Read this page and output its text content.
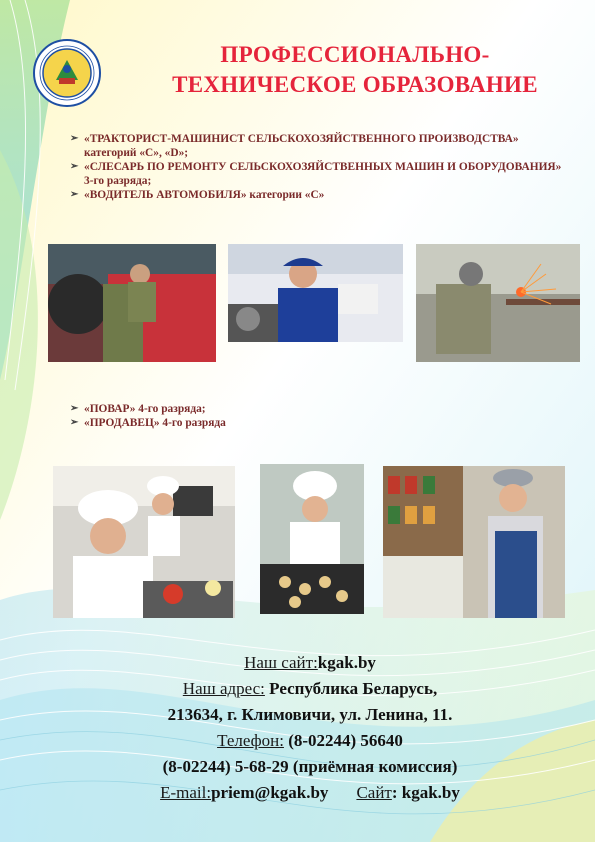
ПРОФЕССИОНАЛЬНО-
ТЕХНИЧЕСКОЕ ОБРАЗОВАНИЕ
➢ «ТРАКТОРИСТ-МАШИНИСТ СЕЛЬСКОХОЗЯЙСТВЕННОГО ПРОИЗВОДСТВА» категорий «С», «D»;
➢ «СЛЕСАРЬ ПО РЕМОНТУ СЕЛЬСКОХОЗЯЙСТВЕННЫХ МАШИН И ОБОРУДОВАНИЯ» 3-го разряда;
➢ «ВОДИТЕЛЬ АВТОМОБИЛЯ» категории «С»
➢ «ПОВАР» 4-го разряда;
➢ «ПРОДАВЕЦ» 4-го разряда
Наш сайт:kgak.by
Наш адрес: Республика Беларусь,
213634, г. Климовичи, ул. Ленина, 11.
Телефон: (8-02244) 56640
(8-02244) 5-68-29 (приёмная комиссия)
E-mail:priem@kgak.by Сайт: kgak.by
